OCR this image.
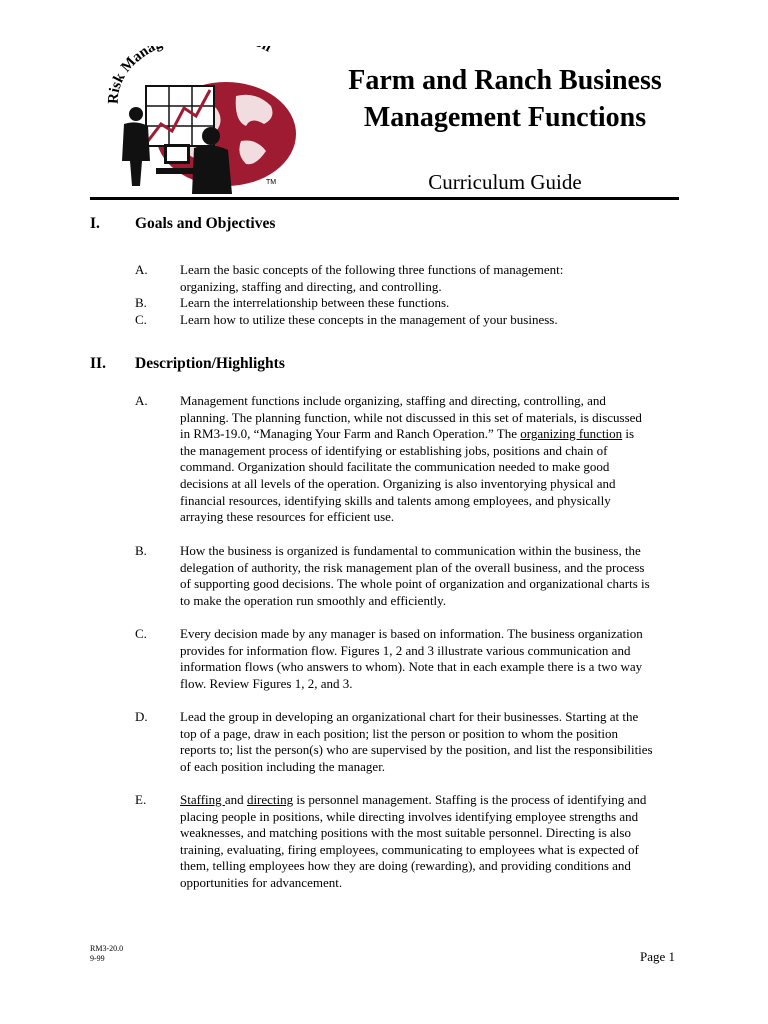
Risk Mana n
TM
Farm and Ranch Business
Management Functions
Curriculum Guide
I. Goals and Objectives
A. Learn the basic concepts of the following three functions of management:
organizing, staffing and directing, and controlling.
B.	Learn the interrelationship between these functions.
C.	Learn how to utilize these concepts in the management of your business.
II. Description/Highlights
A. Management functions include organizing, staffing and directing, controlling, and
planning. The planning function, while not discussed in this set of materials, is discussed
in RM3-19.0, “Managing Your Farm and Ranch Operation.” The organizing function is
the management process of identifying or establishing jobs, positions and chain of
command. Organization should facilitate the communication needed to make good
decisions at all levels of the operation. Organizing is also inventorying physical and
financial resources, identifying skills and talents among employees, and physically
arraying these resources for efficient use.
B.	How the business is organized is fundamental to communication within the business, the
delegation of authority, the risk management plan of the overall business, and the process
of supporting good decisions. The whole point of organization and organizational charts is
to make the operation run smoothly and efficiently.
C.	Every decision made by any manager is based on information. The business organization
provides for information flow. Figures 1, 2 and 3 illustrate various communication and
information flows (who answers to whom). Note that in each example there is a two way
flow. Review Figures 1, 2, and 3.
D. Lead the group in developing an organizational chart for their businesses. Starting at the
top of a page, draw in each position; list the person or position to whom the position
reports to; list the person(s) who are supervised by the position, and list the responsibilities
of each position including the manager.
E.	Staffing and directing is personnel management. Staffing is the process of identifying and
placing people in positions, while directing involves identifying employee strengths and
weaknesses, and matching positions with the most suitable personnel. Directing is also
training, evaluating, firing employees, communicating to employees what is expected of
them, telling employees how they are doing (rewarding), and providing conditions and
opportunities for advancement.
RM3-20.0
9-99	Page 1
